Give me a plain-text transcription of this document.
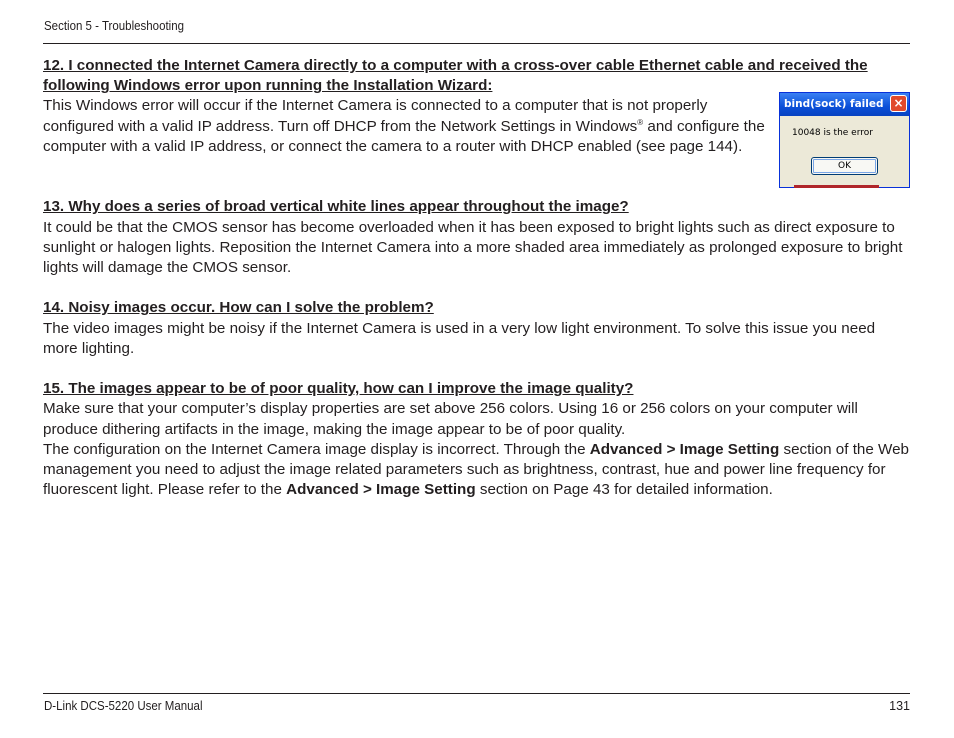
Section 5 - Troubleshooting

12. I connected the Internet Camera directly to a computer with a cross-over cable Ethernet cable and received the following Windows error upon running the Installation Wizard:

This Windows error will occur if the Internet Camera is connected to a computer that is not properly configured with a valid IP address. Turn off DHCP from the Network Settings in Windows® and configure the computer with a valid IP address, or connect the camera to a router with DHCP enabled (see page 144).

13. Why does a series of broad vertical white lines appear throughout the image?

It could be that the CMOS sensor has become overloaded when it has been exposed to bright lights such as direct exposure to sunlight or halogen lights. Reposition the Internet Camera into a more shaded area immediately as prolonged exposure to bright lights will damage the CMOS sensor.

14. Noisy images occur. How can I solve the problem?

The video images might be noisy if the Internet Camera is used in a very low light environment. To solve this issue you need more lighting.

15. The images appear to be of poor quality, how can I improve the image quality?

Make sure that your computer’s display properties are set above 256 colors. Using 16 or 256 colors on your computer will produce dithering artifacts in the image, making the image appear to be of poor quality.

The configuration on the Internet Camera image display is incorrect. Through the Advanced > Image Setting section of the Web management you need to adjust the image related parameters such as brightness, contrast, hue and power line frequency for fluorescent light. Please refer to the Advanced > Image Setting section on Page 43 for detailed information.

bind(sock) failed ×
10048 is the error
OK
D-Link DCS-5220 User Manual	131
